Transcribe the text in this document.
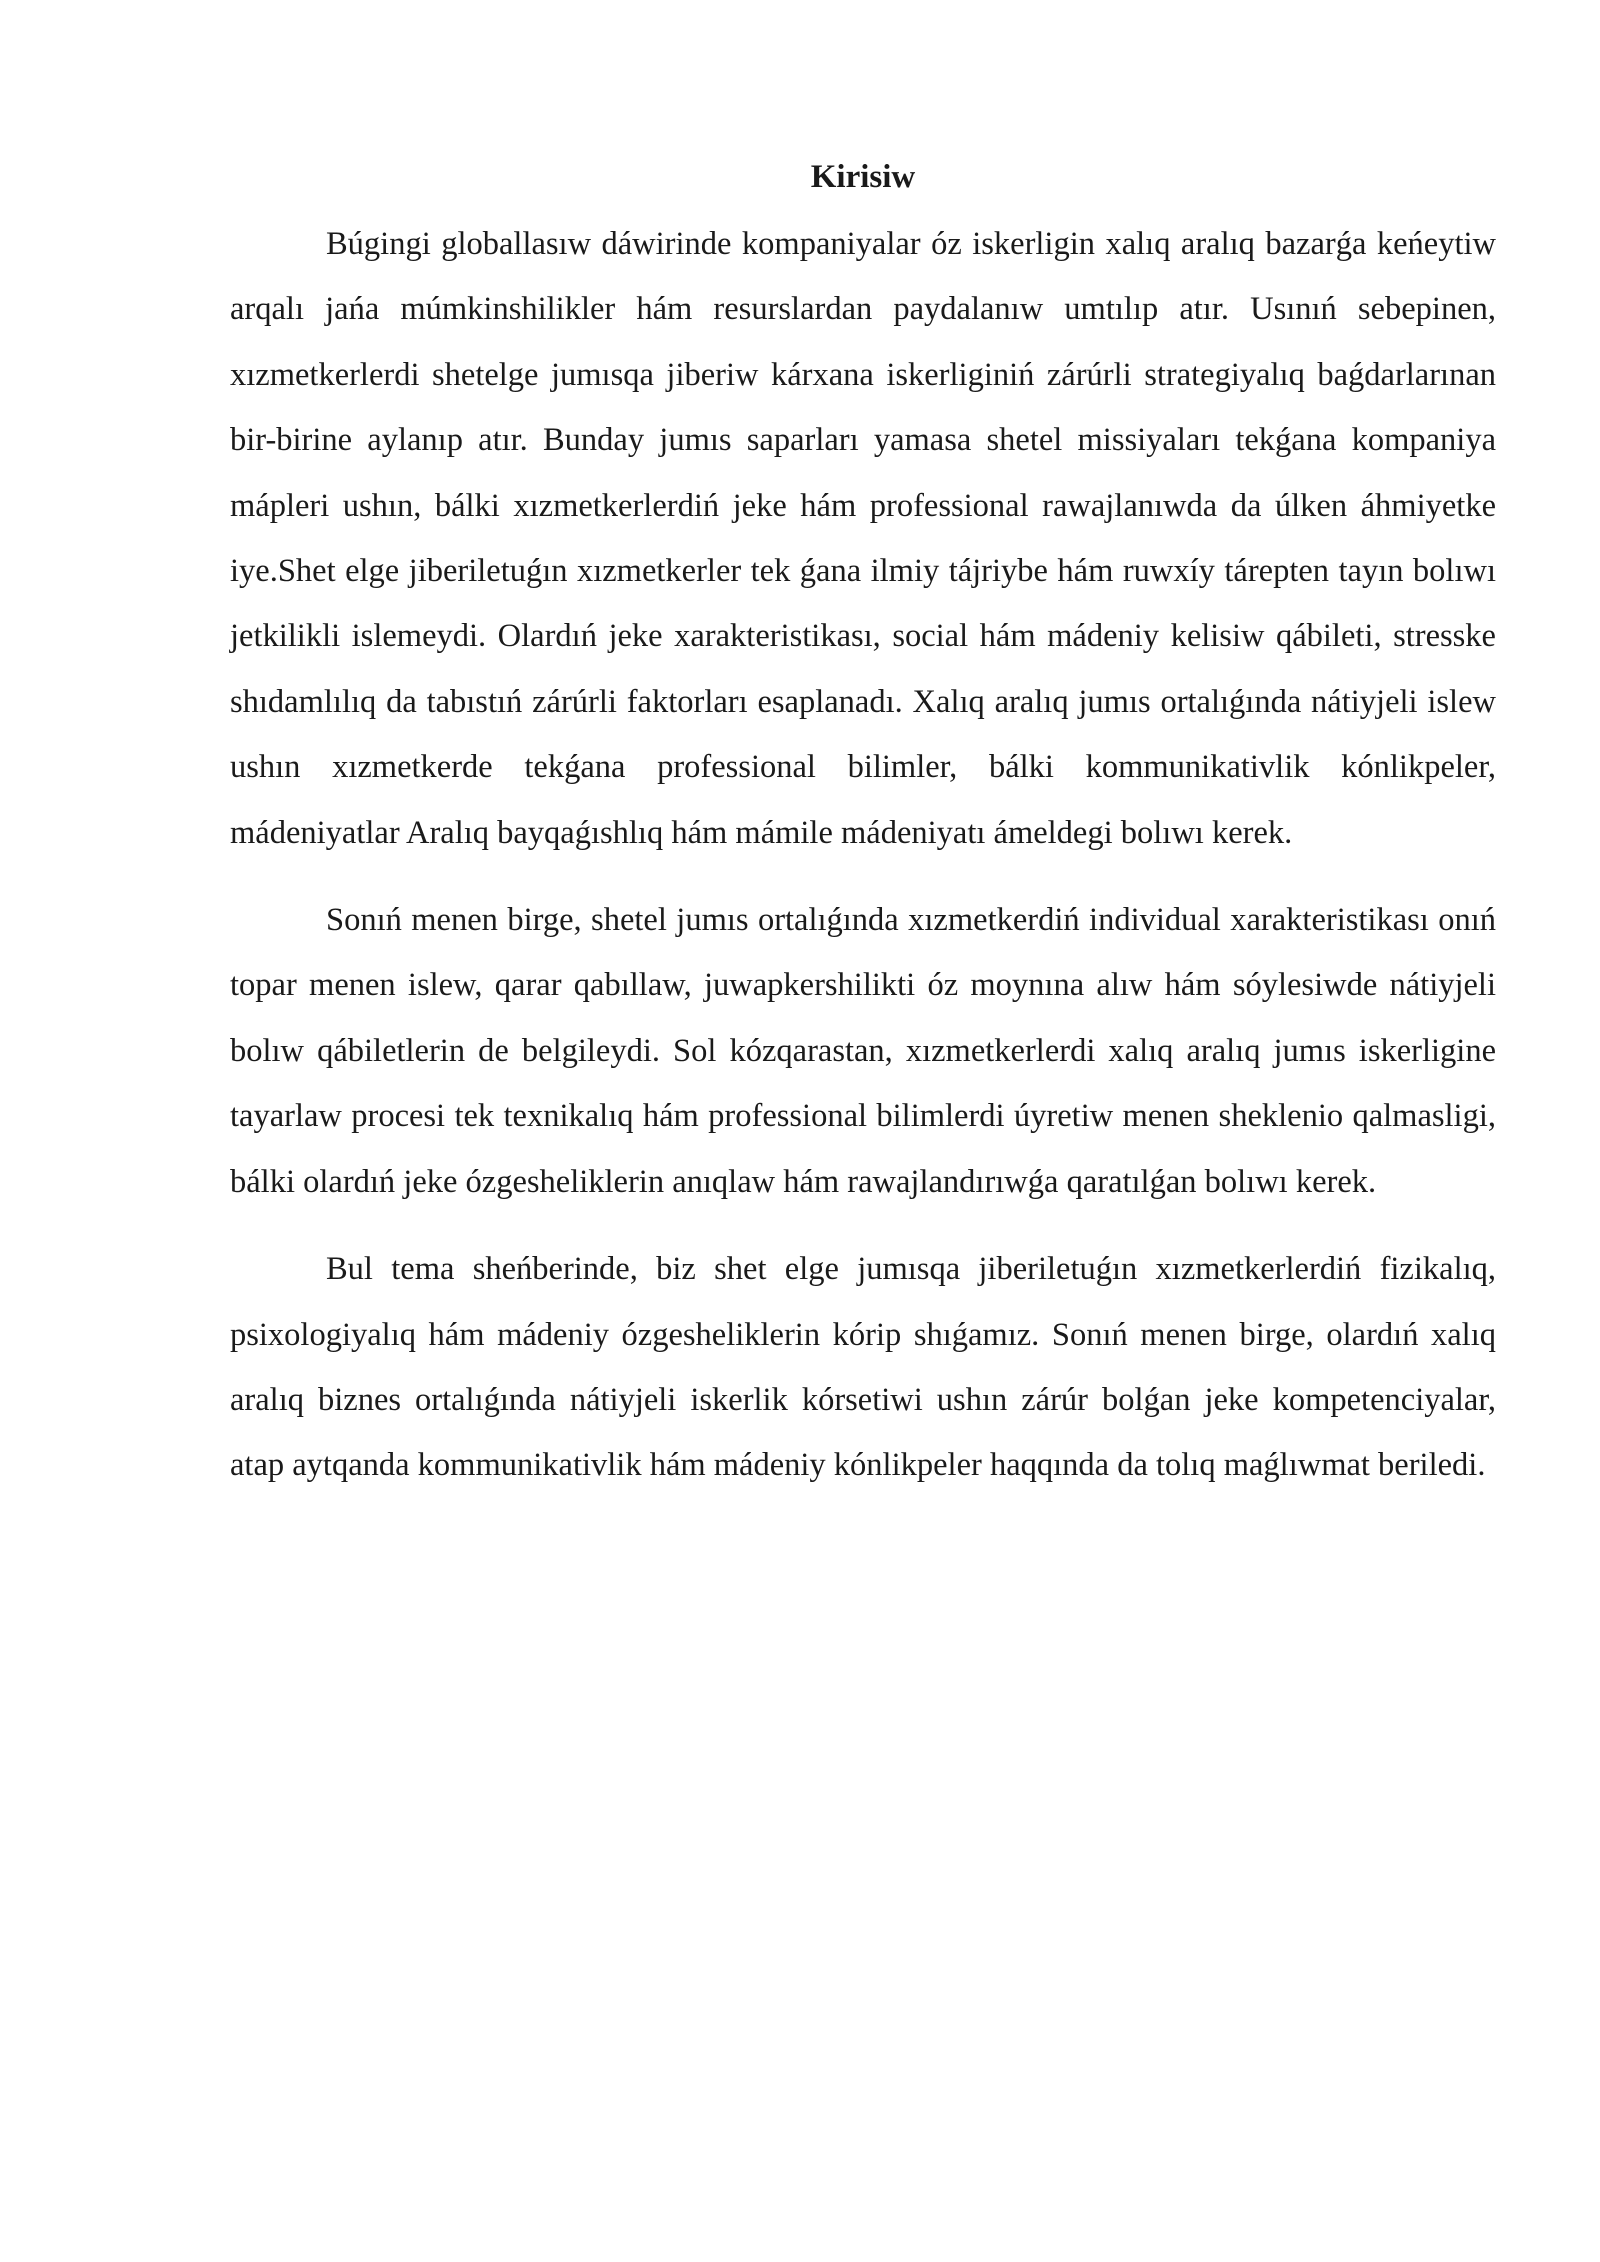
Kirisiw

Búgingi globallasıw dáwirinde kompaniyalar óz iskerligin xalıq aralıq bazarǵa keńeytiw arqalı jańa múmkinshilikler hám resurslardan paydalanıw umtılıp atır. Usınıń sebepinen, xızmetkerlerdi shetelge jumısqa jiberiw kárxana iskerliginiń zárúrli strategiyalıq baǵdarlarınan bir-birine aylanıp atır. Bunday jumıs saparları yamasa shetel missiyaları tekǵana kompaniya mápleri ushın, bálki xızmetkerlerdiń jeke hám professional rawajlanıwda da úlken áhmiyetke iye.Shet elge jiberiletuǵın xızmetkerler tek ǵana ilmiy tájriybe hám ruwxíy tárepten tayın bolıwı jetkilikli islemeydi. Olardıń jeke xarakteristikası, social hám mádeniy kelisiw qábileti, stresske shıdamlılıq da tabıstıń zárúrli faktorları esaplanadı. Xalıq aralıq jumıs ortalıǵında nátiyjeli islew ushın xızmetkerde tekǵana professional bilimler, bálki kommunikativlik kónlikpeler, mádeniyatlar Aralıq bayqaǵıshlıq hám mámile mádeniyatı ámeldegi bolıwı kerek.

Sonıń menen birge, shetel jumıs ortalıǵında xızmetkerdiń individual xarakteristikası onıń topar menen islew, qarar qabıllaw, juwapkershilikti óz moynına alıw hám sóylesiwde nátiyjeli bolıw qábiletlerin de belgileydi. Sol kózqarastan, xızmetkerlerdi xalıq aralıq jumıs iskerligine tayarlaw procesi tek texnikalıq hám professional bilimlerdi úyretiw menen sheklenio qalmasligi, bálki olardıń jeke ózgesheliklerin anıqlaw hám rawajlandırıwǵa qaratılǵan bolıwı kerek.

Bul tema sheńberinde, biz shet elge jumısqa jiberiletuǵın xızmetkerlerdiń fizikalıq, psixologiyalıq hám mádeniy ózgesheliklerin kórip shıǵamız. Sonıń menen birge, olardıń xalıq aralıq biznes ortalıǵında nátiyjeli iskerlik kórsetiwi ushın zárúr bolǵan jeke kompetenciyalar, atap aytqanda kommunikativlik hám mádeniy kónlikpeler haqqında da tolıq maǵlıwmat beriledi.
